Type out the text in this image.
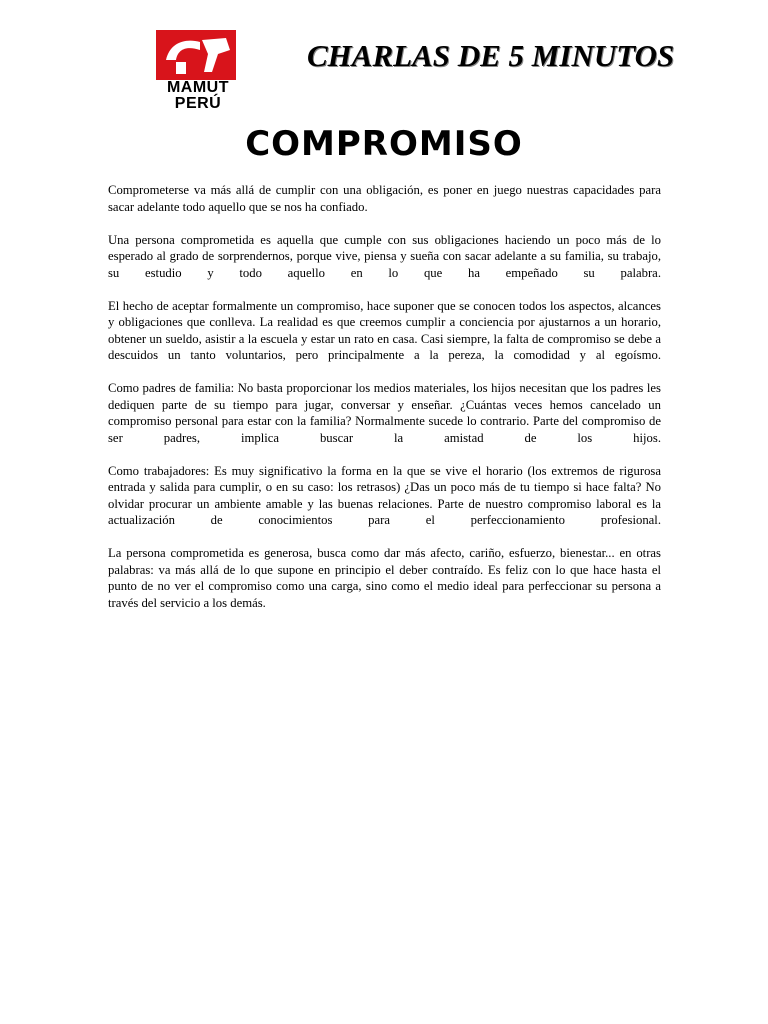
MAMUT
PERÚ
CHARLAS DE 5 MINUTOS
COMPROMISO

Comprometerse va más allá de cumplir con una obligación, es poner en juego nuestras capacidades para sacar adelante todo aquello que se nos ha confiado.

Una persona comprometida es aquella que cumple con sus obligaciones haciendo un poco más de lo esperado al grado de sorprendernos, porque vive, piensa y sueña con sacar adelante a su familia, su trabajo, su estudio y todo aquello en lo que ha empeñado su palabra.

El hecho de aceptar formalmente un compromiso, hace suponer que se conocen todos los aspectos, alcances y obligaciones que conlleva. La realidad es que creemos cumplir a conciencia por ajustarnos a un horario, obtener un sueldo, asistir a la escuela y estar un rato en casa. Casi siempre, la falta de compromiso se debe a descuidos un tanto voluntarios, pero principalmente a la pereza, la comodidad y al egoísmo.

Como padres de familia: No basta proporcionar los medios materiales, los hijos necesitan que los padres les dediquen parte de su tiempo para jugar, conversar y enseñar. ¿Cuántas veces hemos cancelado un compromiso personal para estar con la familia? Normalmente sucede lo contrario. Parte del compromiso de ser padres, implica buscar la amistad de los hijos.

Como trabajadores: Es muy significativo la forma en la que se vive el horario (los extremos de rigurosa entrada y salida para cumplir, o en su caso: los retrasos) ¿Das un poco más de tu tiempo si hace falta? No olvidar procurar un ambiente amable y las buenas relaciones. Parte de nuestro compromiso laboral es la actualización de conocimientos para el perfeccionamiento profesional.

La persona comprometida es generosa, busca como dar más afecto, cariño, esfuerzo, bienestar... en otras palabras: va más allá de lo que supone en principio el deber contraído. Es feliz con lo que hace hasta el punto de no ver el compromiso como una carga, sino como el medio ideal para perfeccionar su persona a través del servicio a los demás.
